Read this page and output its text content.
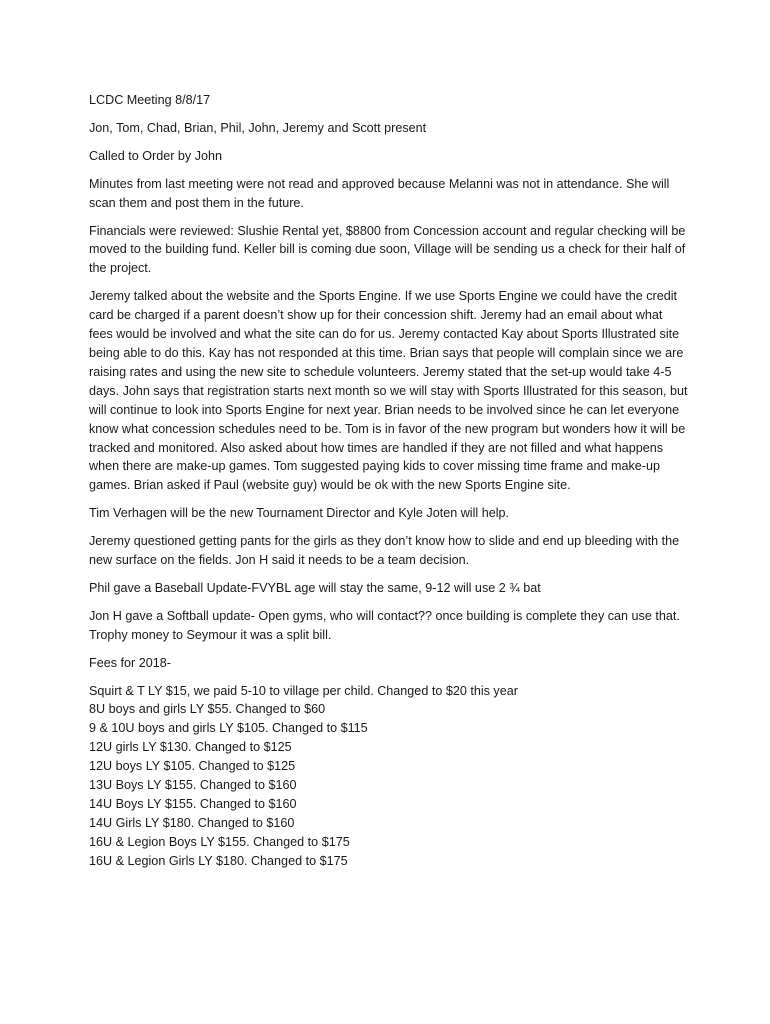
LCDC Meeting 8/8/17

Jon, Tom, Chad, Brian, Phil, John, Jeremy and Scott present

Called to Order by John

Minutes from last meeting were not read and approved because Melanni was not in attendance. She will scan them and post them in the future.

Financials were reviewed: Slushie Rental yet, $8800 from Concession account and regular checking will be moved to the building fund. Keller bill is coming due soon, Village will be sending us a check for their half of the project.

Jeremy talked about the website and the Sports Engine. If we use Sports Engine we could have the credit card be charged if a parent doesn’t show up for their concession shift. Jeremy had an email about what fees would be involved and what the site can do for us. Jeremy contacted Kay about Sports Illustrated site being able to do this. Kay has not responded at this time. Brian says that people will complain since we are raising rates and using the new site to schedule volunteers. Jeremy stated that the set-up would take 4-5 days. John says that registration starts next month so we will stay with Sports Illustrated for this season, but will continue to look into Sports Engine for next year. Brian needs to be involved since he can let everyone know what concession schedules need to be. Tom is in favor of the new program but wonders how it will be tracked and monitored. Also asked about how times are handled if they are not filled and what happens when there are make-up games. Tom suggested paying kids to cover missing time frame and make-up games. Brian asked if Paul (website guy) would be ok with the new Sports Engine site.

Tim Verhagen will be the new Tournament Director and Kyle Joten will help.

Jeremy questioned getting pants for the girls as they don’t know how to slide and end up bleeding with the new surface on the fields. Jon H said it needs to be a team decision.

Phil gave a Baseball Update-FVYBL age will stay the same, 9-12 will use 2 ¾ bat

Jon H gave a Softball update- Open gyms, who will contact?? once building is complete they can use that. Trophy money to Seymour it was a split bill.

Fees for 2018-

Squirt & T LY $15, we paid 5-10 to village per child. Changed to $20 this year
8U boys and girls LY $55. Changed to $60
9 & 10U boys and girls LY $105. Changed to $115
12U girls LY $130. Changed to $125
12U boys LY $105. Changed to $125
13U Boys LY $155. Changed to $160
14U Boys LY $155. Changed to $160
14U Girls LY $180. Changed to $160
16U & Legion Boys LY $155. Changed to $175
16U & Legion Girls LY $180. Changed to $175
